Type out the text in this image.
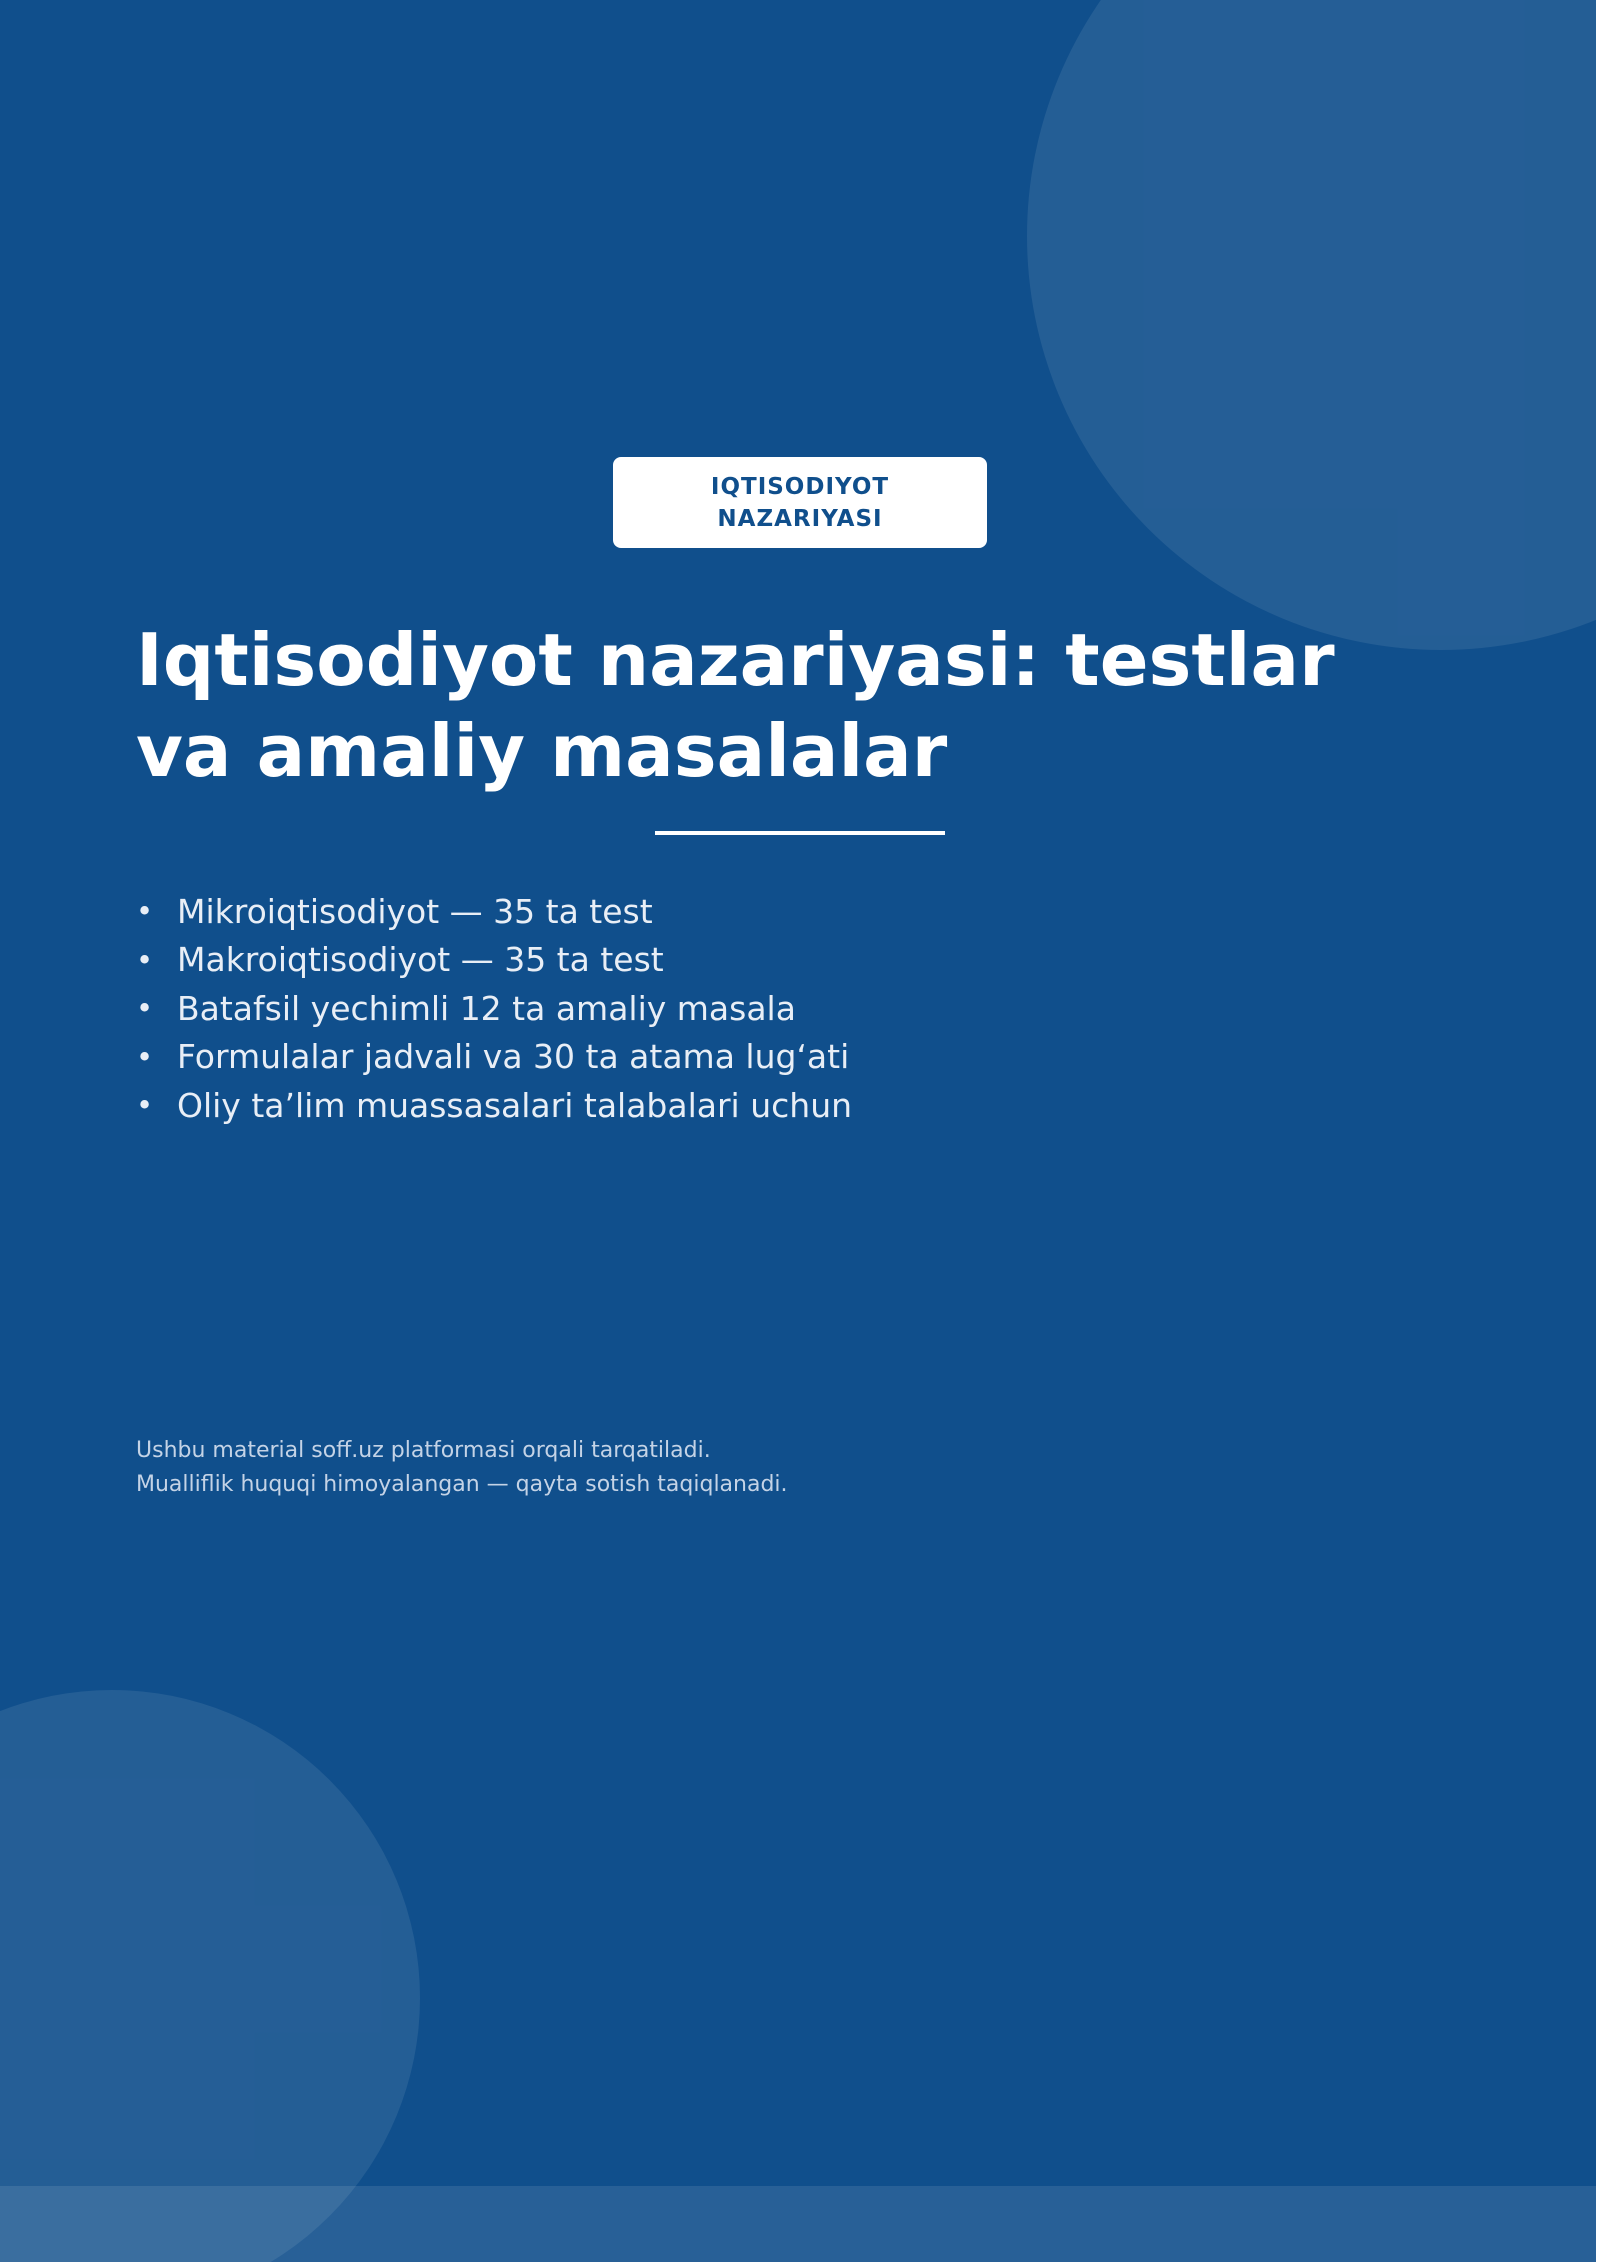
IQTISODIYOT
NAZARIYASI
Iqtisodiyot nazariyasi: testlar
va amaliy masalalar
• Mikroiqtisodiyot — 35 ta test
• Makroiqtisodiyot — 35 ta test
• Batafsil yechimli 12 ta amaliy masala
• Formulalar jadvali va 30 ta atama lug‘ati
• Oliy ta’lim muassasalari talabalari uchun
Ushbu material soff.uz platformasi orqali tarqatiladi.
Mualliflik huquqi himoyalangan — qayta sotish taqiqlanadi.
